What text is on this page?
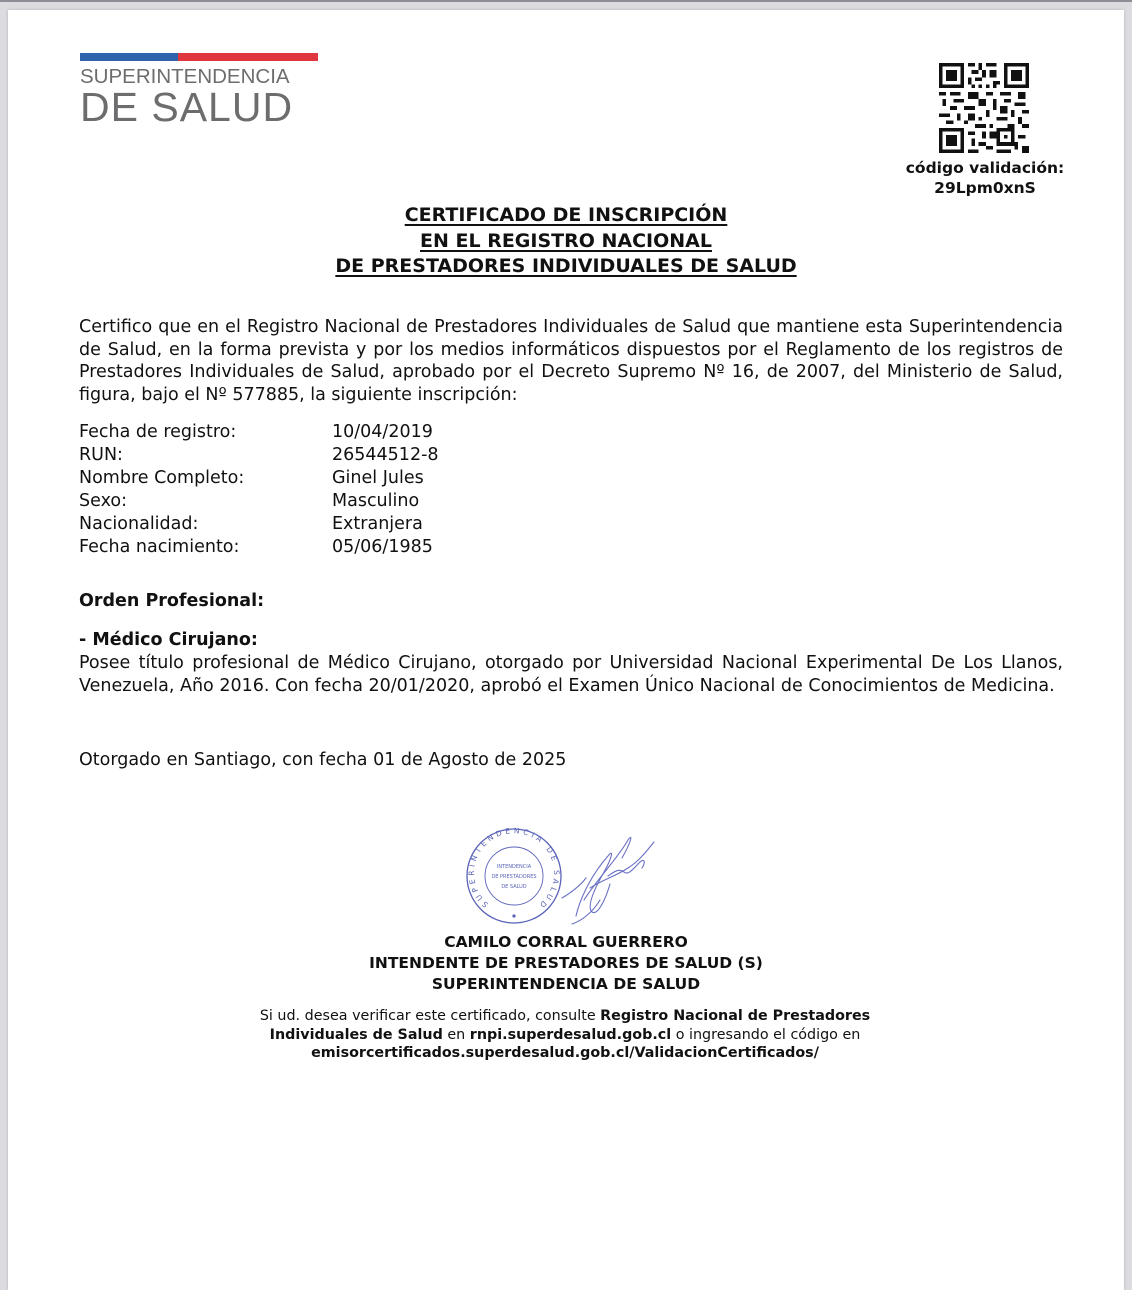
SUPERINTENDENCIA
DE SALUD
código validación:
29Lpm0xnS
CERTIFICADO DE INSCRIPCIÓN
EN EL REGISTRO NACIONAL
DE PRESTADORES INDIVIDUALES DE SALUD
Certifico que en el Registro Nacional de Prestadores Individuales de Salud que mantiene esta Superintendencia de Salud, en la forma prevista y por los medios informáticos dispuestos por el Reglamento de los registros de Prestadores Individuales de Salud, aprobado por el Decreto Supremo Nº 16, de 2007, del Ministerio de Salud, figura, bajo el Nº 577885, la siguiente inscripción:
Fecha de registro:	10/04/2019
RUN:	26544512-8
Nombre Completo:	Ginel Jules
Sexo:	Masculino
Nacionalidad:	Extranjera
Fecha nacimiento:	05/06/1985
Orden Profesional:
- Médico Cirujano:
Posee título profesional de Médico Cirujano, otorgado por Universidad Nacional Experimental De Los Llanos, Venezuela, Año 2016. Con fecha 20/01/2020, aprobó el Examen Único Nacional de Conocimientos de Medicina.
Otorgado en Santiago, con fecha 01 de Agosto de 2025
SUPERINTENDENCIA DE SALUD
INTENDENCIA DE PRESTADORES DE SALUD
CAMILO CORRAL GUERRERO
INTENDENTE DE PRESTADORES DE SALUD (S)
SUPERINTENDENCIA DE SALUD
Si ud. desea verificar este certificado, consulte Registro Nacional de Prestadores Individuales de Salud en rnpi.superdesalud.gob.cl o ingresando el código en emisorcertificados.superdesalud.gob.cl/ValidacionCertificados/
